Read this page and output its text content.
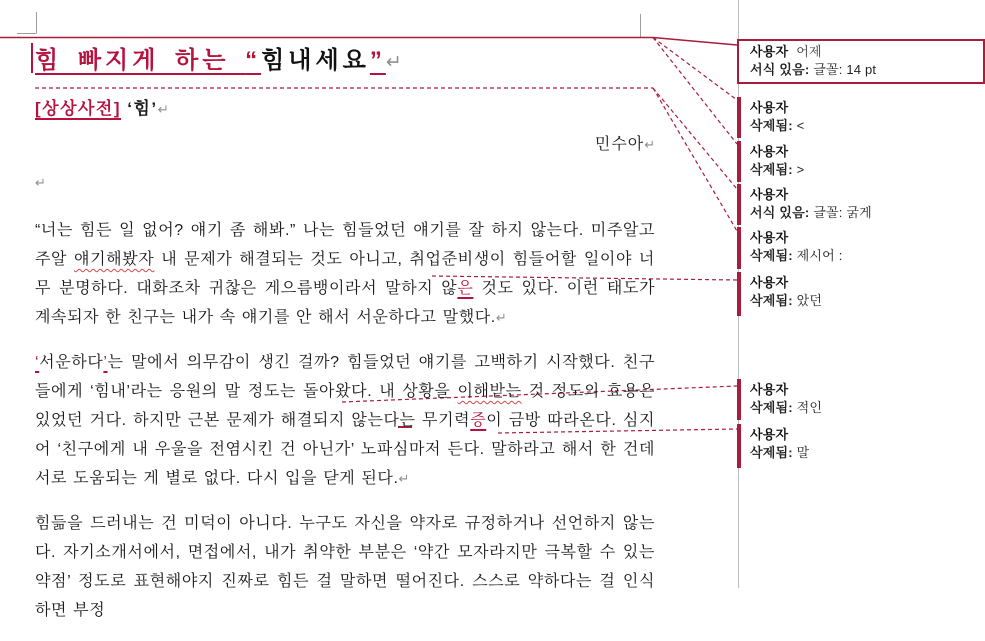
힘 빠지게 하는 “힘내세요”↵
[상상사전] ‘힘’↵
민수아↵
↵

“너는 힘든 일 없어? 얘기 좀 해봐.” 나는 힘들었던 얘기를 잘 하지 않는다. 미주알고주알 얘기해봤자 내 문제가 해결되는 것도 아니고, 취업준비생이 힘들어할 일이야 너무 분명하다. 대화조차 귀찮은 게으름뱅이라서 말하지 않은 것도 있다. 이런 태도가 계속되자 한 친구는 내가 속 얘기를 안 해서 서운하다고 말했다.↵

‘서운하다’는 말에서 의무감이 생긴 걸까? 힘들었던 얘기를 고백하기 시작했다. 친구들에게 ‘힘내’라는 응원의 말 정도는 돌아왔다. 내 상황을 이해받는 것 정도의 효용은 있었던 거다. 하지만 근본 문제가 해결되지 않는다는 무기력증이 금방 따라온다. 심지어 ‘친구에게 내 우울을 전염시킨 건 아닌가’ 노파심마저 든다. 말하라고 해서 한 건데 서로 도움되는 게 별로 없다. 다시 입을 닫게 된다.↵

힘듦을 드러내는 건 미덕이 아니다. 누구도 자신을 약자로 규정하거나 선언하지 않는다. 자기소개서에서, 면접에서, 내가 취약한 부분은 ‘약간 모자라지만 극복할 수 있는 약점’ 정도로 표현해야지 진짜로 힘든 걸 말하면 떨어진다. 스스로 약하다는 걸 인식하면 부정

사용자 어제
서식 있음: 글꼴: 14 pt
사용자
삭제됨: <
사용자
삭제됨: >
사용자
서식 있음: 글꼴: 굵게
사용자
삭제됨: 제시어 :
사용자
삭제됨: 았던
사용자
삭제됨: 적인
사용자
삭제됨: 말
